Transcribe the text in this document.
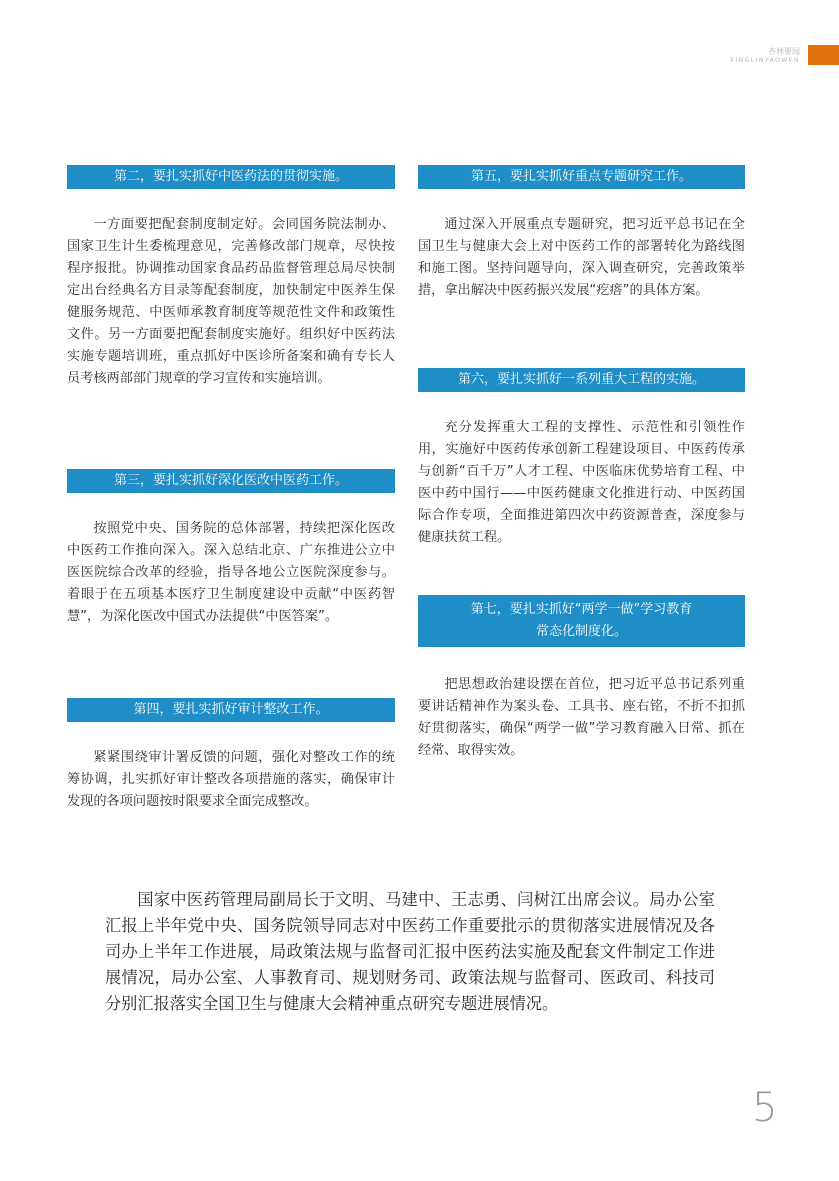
杏林要闻
XINGLINYAOWEN
第二，要扎实抓好中医药法的贯彻实施。

一方面要把配套制度制定好。会同国务院法制办、国家卫生计生委梳理意见，完善修改部门规章，尽快按程序报批。协调推动国家食品药品监督管理总局尽快制定出台经典名方目录等配套制度，加快制定中医养生保健服务规范、中医师承教育制度等规范性文件和政策性文件。另一方面要把配套制度实施好。组织好中医药法实施专题培训班，重点抓好中医诊所备案和确有专长人员考核两部部门规章的学习宣传和实施培训。

第三，要扎实抓好深化医改中医药工作。

按照党中央、国务院的总体部署，持续把深化医改中医药工作推向深入。深入总结北京、广东推进公立中医医院综合改革的经验，指导各地公立医院深度参与。着眼于在五项基本医疗卫生制度建设中贡献“中医药智慧”，为深化医改中国式办法提供“中医答案”。

第四，要扎实抓好审计整改工作。

紧紧围绕审计署反馈的问题，强化对整改工作的统筹协调，扎实抓好审计整改各项措施的落实，确保审计发现的各项问题按时限要求全面完成整改。

第五，要扎实抓好重点专题研究工作。

通过深入开展重点专题研究，把习近平总书记在全国卫生与健康大会上对中医药工作的部署转化为路线图和施工图。坚持问题导向，深入调查研究，完善政策举措，拿出解决中医药振兴发展“疙瘩”的具体方案。

第六，要扎实抓好一系列重大工程的实施。

充分发挥重大工程的支撑性、示范性和引领性作用，实施好中医药传承创新工程建设项目、中医药传承与创新“百千万”人才工程、中医临床优势培育工程、中医中药中国行——中医药健康文化推进行动、中医药国际合作专项，全面推进第四次中药资源普查，深度参与健康扶贫工程。

第七，要扎实抓好“两学一做”学习教育
常态化制度化。

把思想政治建设摆在首位，把习近平总书记系列重要讲话精神作为案头卷、工具书、座右铭，不折不扣抓好贯彻落实，确保“两学一做”学习教育融入日常、抓在经常、取得实效。

国家中医药管理局副局长于文明、马建中、王志勇、闫树江出席会议。局办公室汇报上半年党中央、国务院领导同志对中医药工作重要批示的贯彻落实进展情况及各司办上半年工作进展，局政策法规与监督司汇报中医药法实施及配套文件制定工作进展情况，局办公室、人事教育司、规划财务司、政策法规与监督司、医政司、科技司分别汇报落实全国卫生与健康大会精神重点研究专题进展情况。

5
